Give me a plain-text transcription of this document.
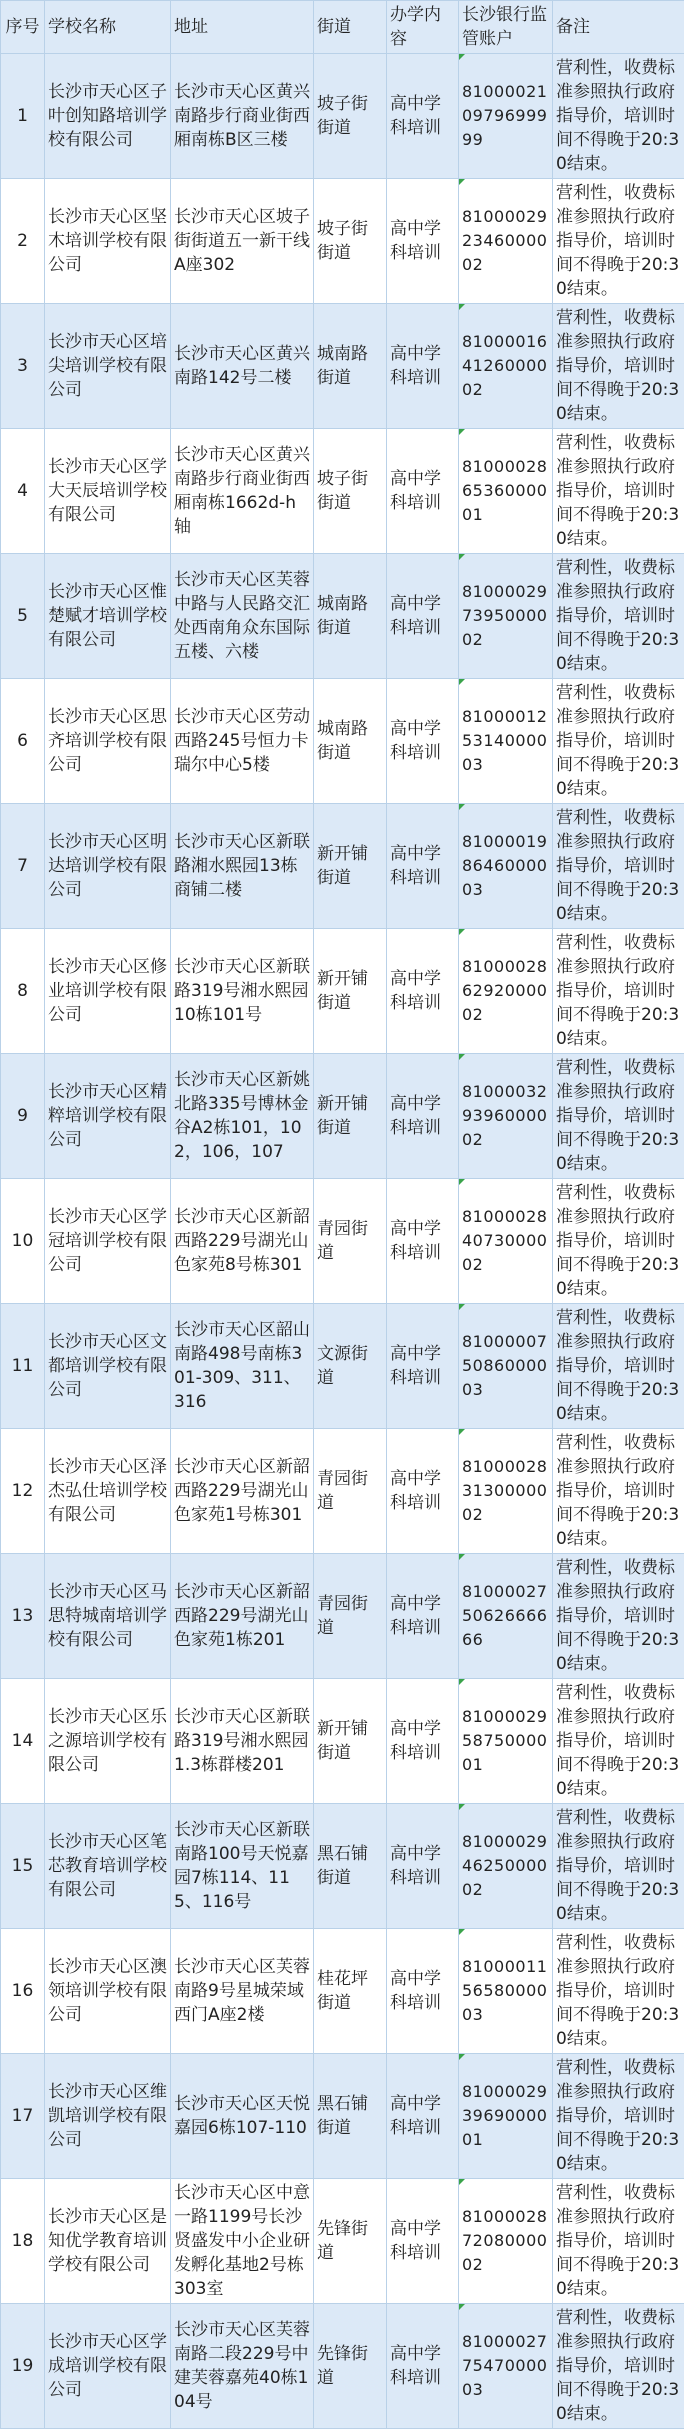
序号	学校名称	地址	街道	办学内容	长沙银行监管账户	备注
1	长沙市天心区子叶创知路培训学校有限公司	长沙市天心区黄兴南路步行商业街西厢南栋B区三楼	坡子街街道	高中学科培训	81000021 09796999 99	营利性，收费标准参照执行政府指导价，培训时间不得晚于20:30结束。
2	长沙市天心区坚木培训学校有限公司	长沙市天心区坡子街街道五一新干线A座302	坡子街街道	高中学科培训	81000029 23460000 02	营利性，收费标准参照执行政府指导价，培训时间不得晚于20:30结束。
3	长沙市天心区培尖培训学校有限公司	长沙市天心区黄兴南路142号二楼	城南路街道	高中学科培训	81000016 41260000 02	营利性，收费标准参照执行政府指导价，培训时间不得晚于20:30结束。
4	长沙市天心区学大天辰培训学校有限公司	长沙市天心区黄兴南路步行商业街西厢南栋1662d-h轴	坡子街街道	高中学科培训	81000028 65360000 01	营利性，收费标准参照执行政府指导价，培训时间不得晚于20:30结束。
5	长沙市天心区惟楚赋才培训学校有限公司	长沙市天心区芙蓉中路与人民路交汇处西南角众东国际五楼、六楼	城南路街道	高中学科培训	81000029 73950000 02	营利性，收费标准参照执行政府指导价，培训时间不得晚于20:30结束。
6	长沙市天心区思齐培训学校有限公司	长沙市天心区劳动西路245号恒力卡瑞尔中心5楼	城南路街道	高中学科培训	81000012 53140000 03	营利性，收费标准参照执行政府指导价，培训时间不得晚于20:30结束。
7	长沙市天心区明达培训学校有限公司	长沙市天心区新联路湘水熙园13栋商铺二楼	新开铺街道	高中学科培训	81000019 86460000 03	营利性，收费标准参照执行政府指导价，培训时间不得晚于20:30结束。
8	长沙市天心区修业培训学校有限公司	长沙市天心区新联路319号湘水熙园10栋101号	新开铺街道	高中学科培训	81000028 62920000 02	营利性，收费标准参照执行政府指导价，培训时间不得晚于20:30结束。
9	长沙市天心区精粹培训学校有限公司	长沙市天心区新姚北路335号博林金谷A2栋101，102，106，107	新开铺街道	高中学科培训	81000032 93960000 02	营利性，收费标准参照执行政府指导价，培训时间不得晚于20:30结束。
10	长沙市天心区学冠培训学校有限公司	长沙市天心区新韶西路229号湖光山色家苑8号栋301	青园街道	高中学科培训	81000028 40730000 02	营利性，收费标准参照执行政府指导价，培训时间不得晚于20:30结束。
11	长沙市天心区文都培训学校有限公司	长沙市天心区韶山南路498号南栋301-309、311、316	文源街道	高中学科培训	81000007 50860000 03	营利性，收费标准参照执行政府指导价，培训时间不得晚于20:30结束。
12	长沙市天心区泽杰弘仕培训学校有限公司	长沙市天心区新韶西路229号湖光山色家苑1号栋301	青园街道	高中学科培训	81000028 31300000 02	营利性，收费标准参照执行政府指导价，培训时间不得晚于20:30结束。
13	长沙市天心区马思特城南培训学校有限公司	长沙市天心区新韶西路229号湖光山色家苑1栋201	青园街道	高中学科培训	81000027 50626666 66	营利性，收费标准参照执行政府指导价，培训时间不得晚于20:30结束。
14	长沙市天心区乐之源培训学校有限公司	长沙市天心区新联路319号湘水熙园1.3栋群楼201	新开铺街道	高中学科培训	81000029 58750000 01	营利性，收费标准参照执行政府指导价，培训时间不得晚于20:30结束。
15	长沙市天心区笔芯教育培训学校有限公司	长沙市天心区新联南路100号天悦嘉园7栋114、115、116号	黑石铺街道	高中学科培训	81000029 46250000 02	营利性，收费标准参照执行政府指导价，培训时间不得晚于20:30结束。
16	长沙市天心区澳领培训学校有限公司	长沙市天心区芙蓉南路9号星城荣域西门A座2楼	桂花坪街道	高中学科培训	81000011 56580000 03	营利性，收费标准参照执行政府指导价，培训时间不得晚于20:30结束。
17	长沙市天心区维凯培训学校有限公司	长沙市天心区天悦嘉园6栋107-110	黑石铺街道	高中学科培训	81000029 39690000 01	营利性，收费标准参照执行政府指导价，培训时间不得晚于20:30结束。
18	长沙市天心区是知优学教育培训学校有限公司	长沙市天心区中意一路1199号长沙贤盛发中小企业研发孵化基地2号栋303室	先锋街道	高中学科培训	81000028 72080000 02	营利性，收费标准参照执行政府指导价，培训时间不得晚于20:30结束。
19	长沙市天心区学成培训学校有限公司	长沙市天心区芙蓉南路二段229号中建芙蓉嘉苑40栋104号	先锋街道	高中学科培训	81000027 75470000 03	营利性，收费标准参照执行政府指导价，培训时间不得晚于20:30结束。
